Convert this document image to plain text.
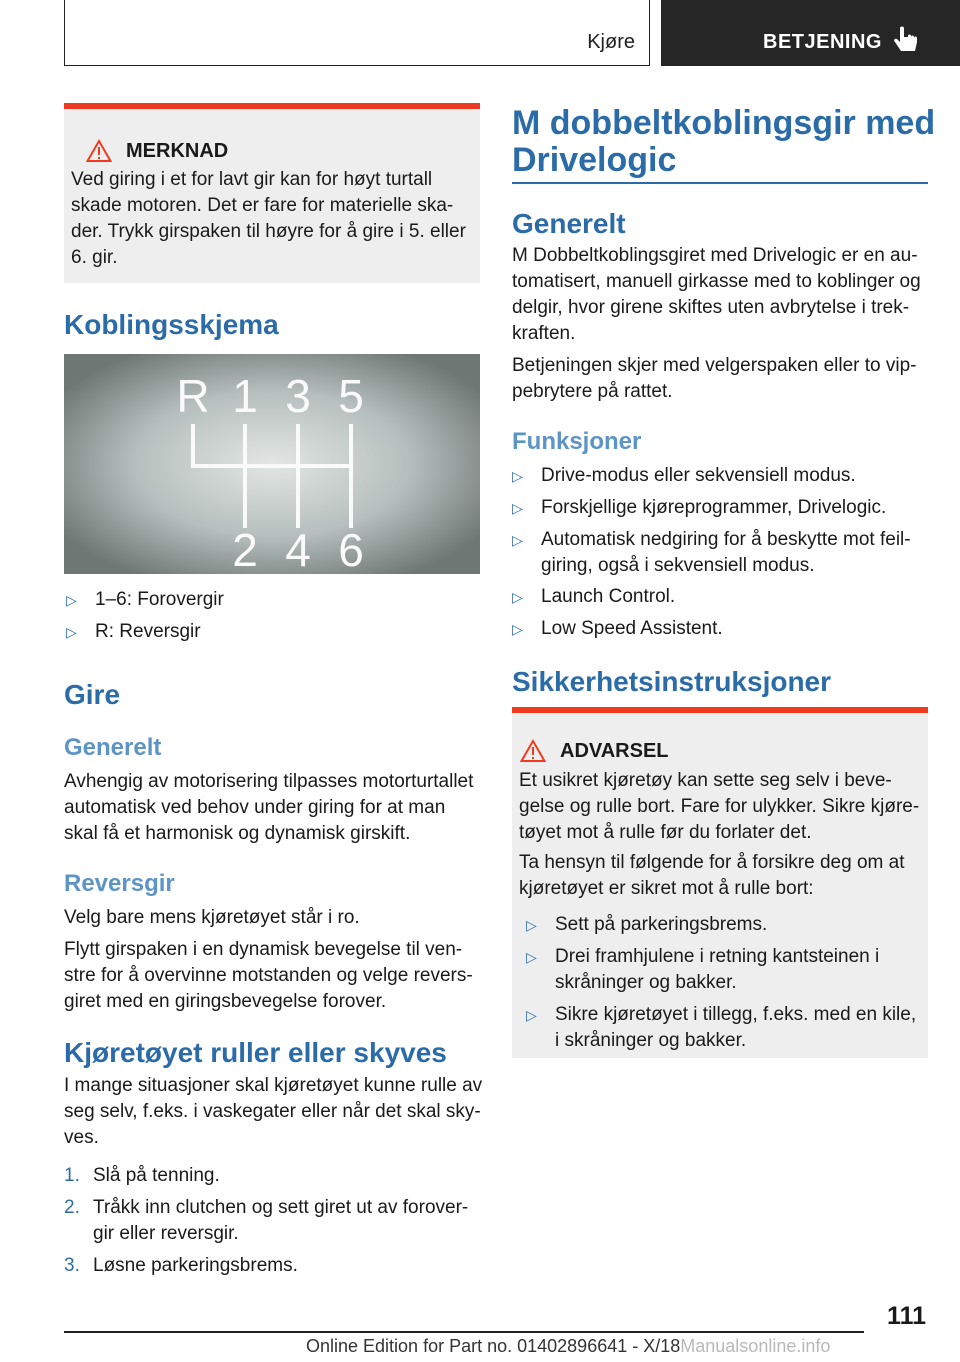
Kjøre	BETJENING
MERKNAD

Ved giring i et for lavt gir kan for høyt turtall
skade motoren. Det er fare for materielle ska-
der. Trykk girspaken til høyre for å gire i 5. eller
6. gir.

Koblingsskjema
R 1 3 5
2 4 6
▷ 1–6: Forovergir
▷ R: Reversgir
Gire
Generelt
Avhengig av motorisering tilpasses motorturtallet
automatisk ved behov under giring for at man
skal få et harmonisk og dynamisk girskift.
Reversgir
Velg bare mens kjøretøyet står i ro.
Flytt girspaken i en dynamisk bevegelse til ven-
stre for å overvinne motstanden og velge revers-
giret med en giringsbevegelse forover.
Kjøretøyet ruller eller skyves
I mange situasjoner skal kjøretøyet kunne rulle av
seg selv, f.eks. i vaskegater eller når det skal sky-
ves.
1. Slå på tenning.
2. Tråkk inn clutchen og sett giret ut av forover-
gir eller reversgir.
3. Løsne parkeringsbrems.
M dobbeltkoblingsgir med
Drivelogic
Generelt
M Dobbeltkoblingsgiret med Drivelogic er en au-
tomatisert, manuell girkasse med to koblinger og
delgir, hvor girene skiftes uten avbrytelse i trek-
kraften.
Betjeningen skjer med velgerspaken eller to vip-
pebrytere på rattet.
Funksjoner
▷ Drive-modus eller sekvensiell modus.
▷ Forskjellige kjøreprogrammer, Drivelogic.
▷ Automatisk nedgiring for å beskytte mot feil-
giring, også i sekvensiell modus.
▷ Launch Control.
▷ Low Speed Assistent.
Sikkerhetsinstruksjoner
ADVARSEL

Et usikret kjøretøy kan sette seg selv i beve-
gelse og rulle bort. Fare for ulykker. Sikre kjøre-
tøyet mot å rulle før du forlater det.

Ta hensyn til følgende for å forsikre deg om at
kjøretøyet er sikret mot å rulle bort:

▷ Sett på parkeringsbrems.
▷ Drei framhjulene i retning kantsteinen i
skråninger og bakker.
▷ Sikre kjøretøyet i tillegg, f.eks. med en kile,
i skråninger og bakker.
111
Online Edition for Part no. 01402896641 - X/18Manualsonline.info
